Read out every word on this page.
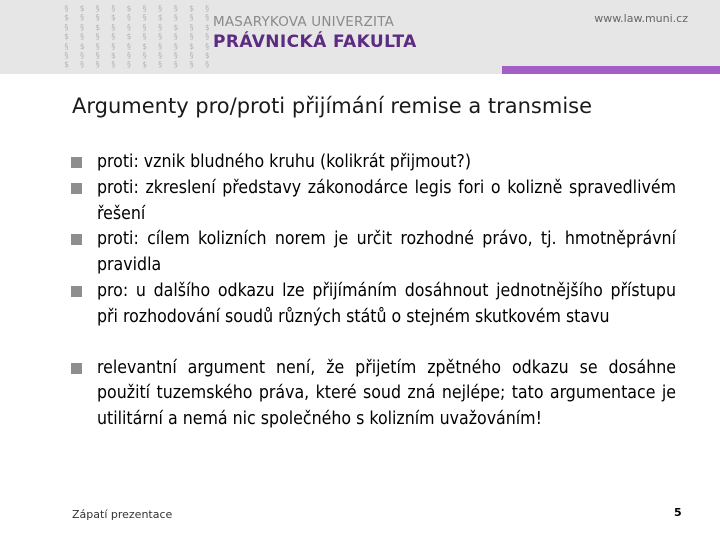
§ $ § § $ § § §
$ § § $ § § $ §
§ § $ § § § § $
$ § § § $ § § §
§ $ § § § $ § §
§ § § $ § § § §
$ § § § § $ § §
MASARYKOVA UNIVERZITA
PRÁVNICKÁ FAKULTA
www.law.muni.cz
Argumenty pro/proti přijímání remise a transmise
proti: vznik bludného kruhu (kolikrát přijmout?)
proti: zkreslení představy zákonodárce legis fori o kolizně spravedlivém řešení
proti: cílem kolizních norem je určit rozhodné právo, tj. hmotněprávní pravidla
pro: u dalšího odkazu lze přijímáním dosáhnout jednotnějšího přístupu při rozhodování soudů různých států o stejném skutkovém stavu
relevantní argument není, že přijetím zpětného odkazu se dosáhne použití tuzemského práva, které soud zná nejlépe; tato argumentace je utilitární a nemá nic společného s kolizním uvažováním!
Zápatí prezentace	5
